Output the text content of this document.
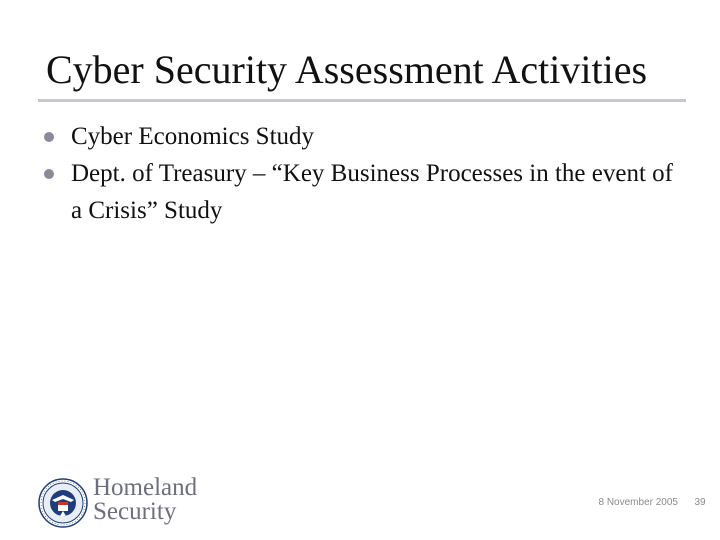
Cyber Security Assessment Activities
Cyber Economics Study
Dept. of Treasury – “Key Business Processes in the event of a Crisis” Study
Homeland
Security	8 November 2005	39
